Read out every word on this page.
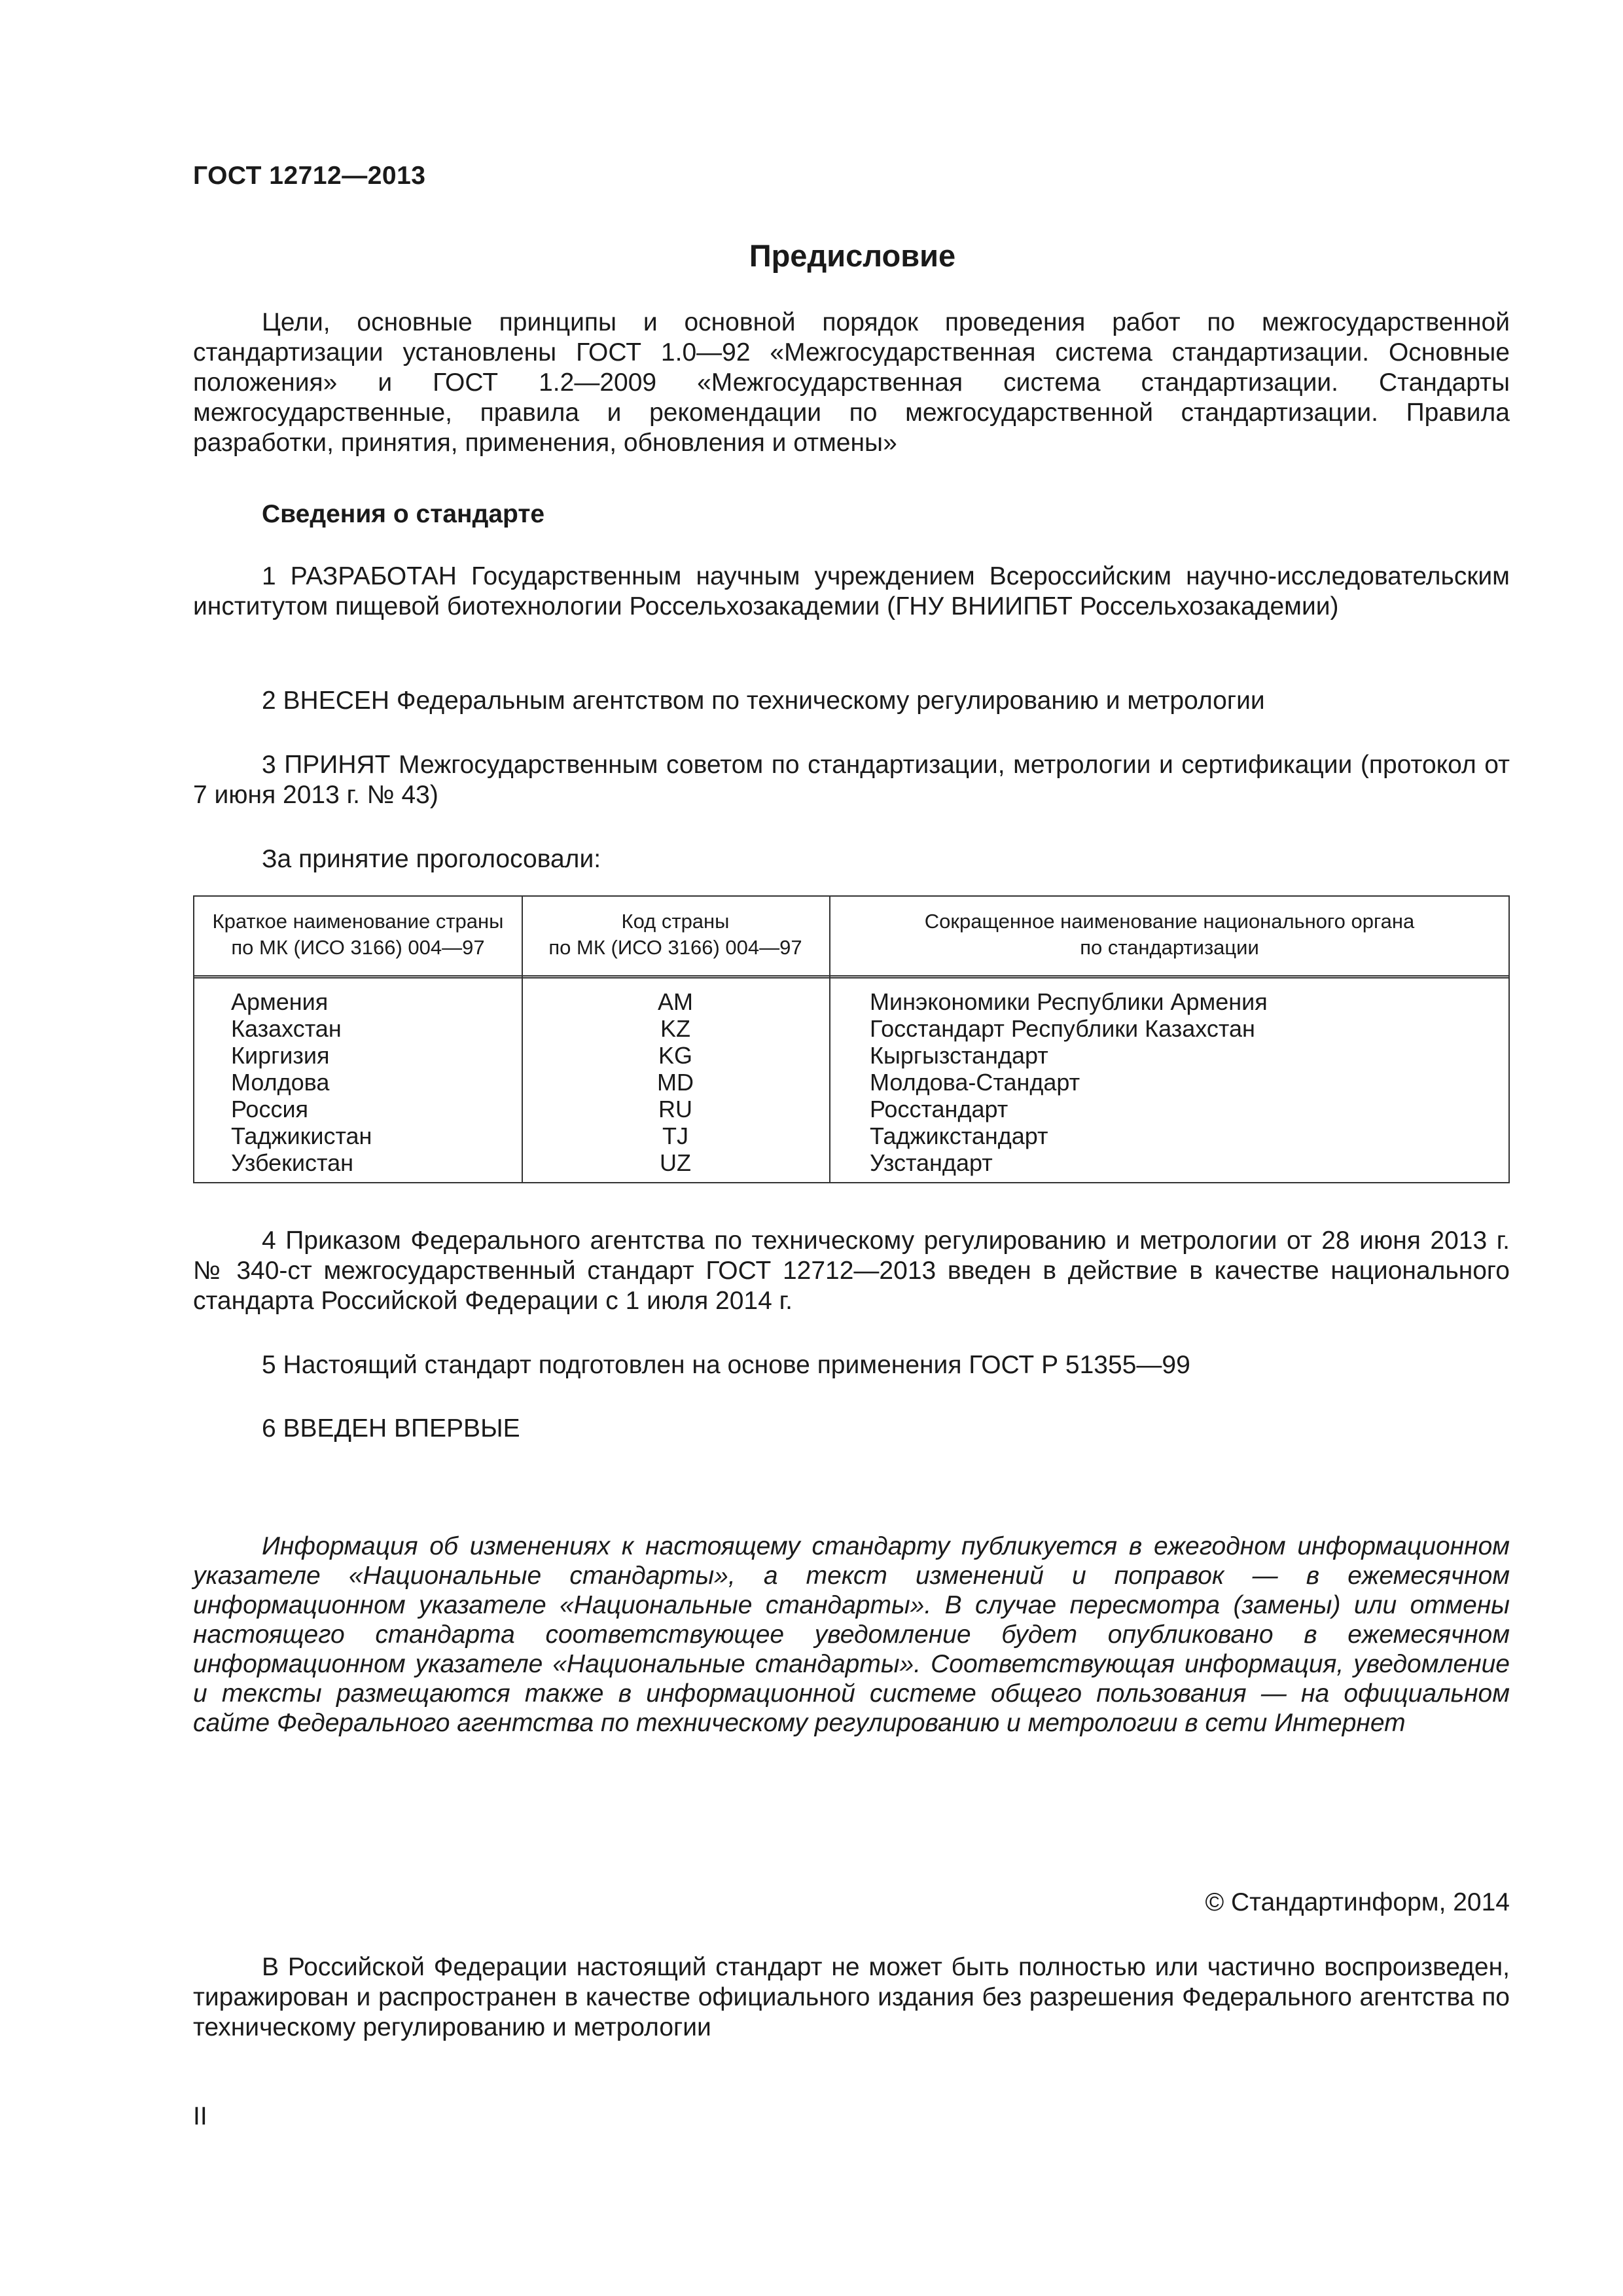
ГОСТ 12712—2013
Предисловие

Цели, основные принципы и основной порядок проведения работ по межгосударственной стандартизации установлены ГОСТ 1.0—92 «Межгосударственная система стандартизации. Основные положения» и ГОСТ 1.2—2009 «Межгосударственная система стандартизации. Стандарты межгосударственные, правила и рекомендации по межгосударственной стандартизации. Правила разработки, принятия, применения, обновления и отмены»

Сведения о стандарте

1 РАЗРАБОТАН Государственным научным учреждением Всероссийским научно-исследовательским институтом пищевой биотехнологии Россельхозакадемии (ГНУ ВНИИПБТ Россельхозакадемии)

2 ВНЕСЕН Федеральным агентством по техническому регулированию и метрологии

3 ПРИНЯТ Межгосударственным советом по стандартизации, метрологии и сертификации (протокол от 7 июня 2013 г. № 43)

За принятие проголосовали:

Краткое наименование страны
по МК (ИСО 3166) 004—97
Код страны
по МК (ИСО 3166) 004—97
Сокращенное наименование национального органа
по стандартизации
Армения
Казахстан
Киргизия
Молдова
Россия
Таджикистан
Узбекистан
AM
KZ
KG
MD
RU
TJ
UZ
Минэкономики Республики Армения
Госстандарт Республики Казахстан
Кыргызстандарт
Молдова-Стандарт
Росстандарт
Таджикстандарт
Узстандарт

4 Приказом Федерального агентства по техническому регулированию и метрологии от 28 июня 2013 г. № 340-ст межгосударственный стандарт ГОСТ 12712—2013 введен в действие в качестве национального стандарта Российской Федерации с 1 июля 2014 г.

5 Настоящий стандарт подготовлен на основе применения ГОСТ Р 51355—99

6 ВВЕДЕН ВПЕРВЫЕ

Информация об изменениях к настоящему стандарту публикуется в ежегодном информационном указателе «Национальные стандарты», а текст изменений и поправок — в ежемесячном информационном указателе «Национальные стандарты». В случае пересмотра (замены) или отмены настоящего стандарта соответствующее уведомление будет опубликовано в ежемесячном информационном указателе «Национальные стандарты». Соответствующая информация, уведомление и тексты размещаются также в информационной системе общего пользования — на официальном сайте Федерального агентства по техническому регулированию и метрологии в сети Интернет
© Стандартинформ, 2014
В Российской Федерации настоящий стандарт не может быть полностью или частично воспроизведен, тиражирован и распространен в качестве официального издания без разрешения Федерального агентства по техническому регулированию и метрологии
II
